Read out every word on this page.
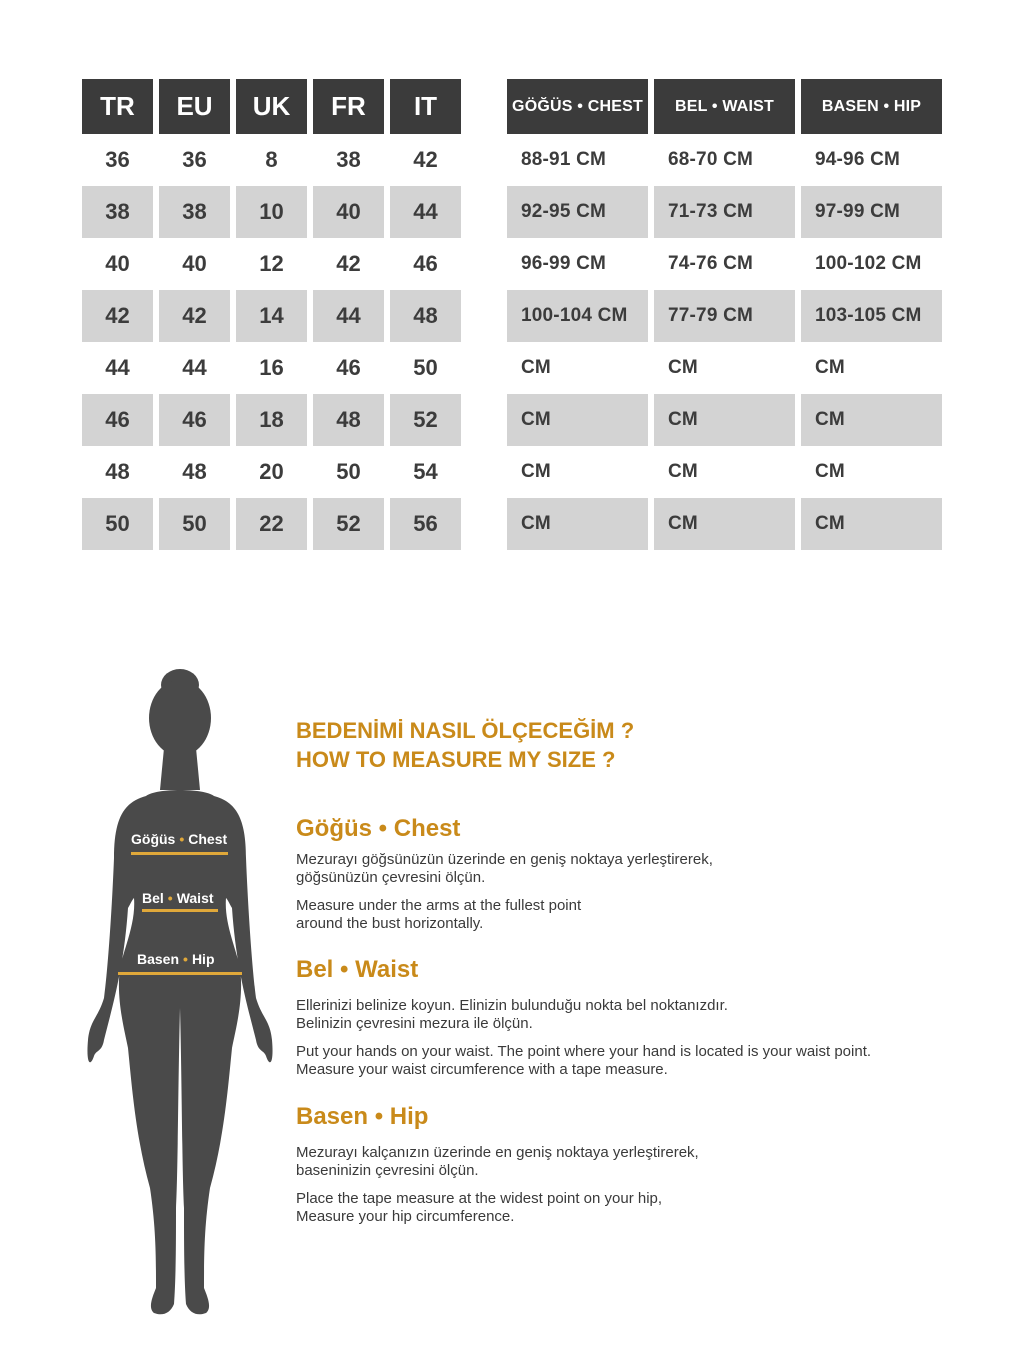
TR	EU	UK	FR	IT
36	36	8	38	42
38	38	10	40	44
40	40	12	42	46
42	42	14	44	48
44	44	16	46	50
46	46	18	48	52
48	48	20	50	54
50	50	22	52	56
GÖĞÜS • CHEST	BEL • WAIST	BASEN • HIP
88-91 CM	68-70 CM	94-96 CM
92-95 CM	71-73 CM	97-99 CM
96-99 CM	74-76 CM	100-102 CM
100-104 CM	77-79 CM	103-105 CM
CM	CM	CM
CM	CM	CM
CM	CM	CM
CM	CM	CM
Göğüs • Chest
Bel • Waist
Basen • Hip

BEDENİMİ NASIL ÖLÇECEĞİM ?

HOW TO MEASURE MY SIZE ?

Göğüs • Chest

Mezurayı göğsünüzün üzerinde en geniş noktaya yerleştirerek,

göğsünüzün çevresini ölçün.

Measure under the arms at the fullest point

around the bust horizontally.

Bel • Waist

Ellerinizi belinize koyun. Elinizin bulunduğu nokta bel noktanızdır.

Belinizin çevresini mezura ile ölçün.

Put your hands on your waist. The point where your hand is located is your waist point.

Measure your waist circumference with a tape measure.

Basen • Hip

Mezurayı kalçanızın üzerinde en geniş noktaya yerleştirerek,

baseninizin çevresini ölçün.

Place the tape measure at the widest point on your hip,

Measure your hip circumference.
